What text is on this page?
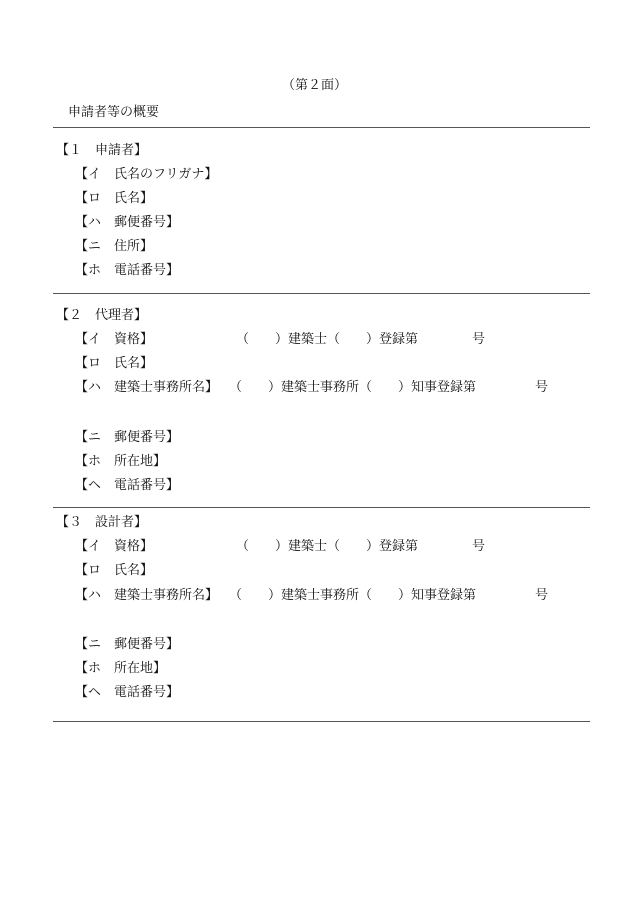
（第２面）
申請者等の概要
【１　申請者】
【イ　氏名のフリガナ】
【ロ　氏名】
【ハ　郵便番号】
【ニ　住所】
【ホ　電話番号】
【２　代理者】
【イ　資格】	（　　）建築士（　　）登録第	号
【ロ　氏名】
【ハ　建築士事務所名】 （　　）建築士事務所（　　）知事登録第	号
【ニ　郵便番号】
【ホ　所在地】
【ヘ　電話番号】
【３　設計者】
【イ　資格】	（　　）建築士（　　）登録第	号
【ロ　氏名】
【ハ　建築士事務所名】 （　　）建築士事務所（　　）知事登録第	号
【ニ　郵便番号】
【ホ　所在地】
【ヘ　電話番号】
